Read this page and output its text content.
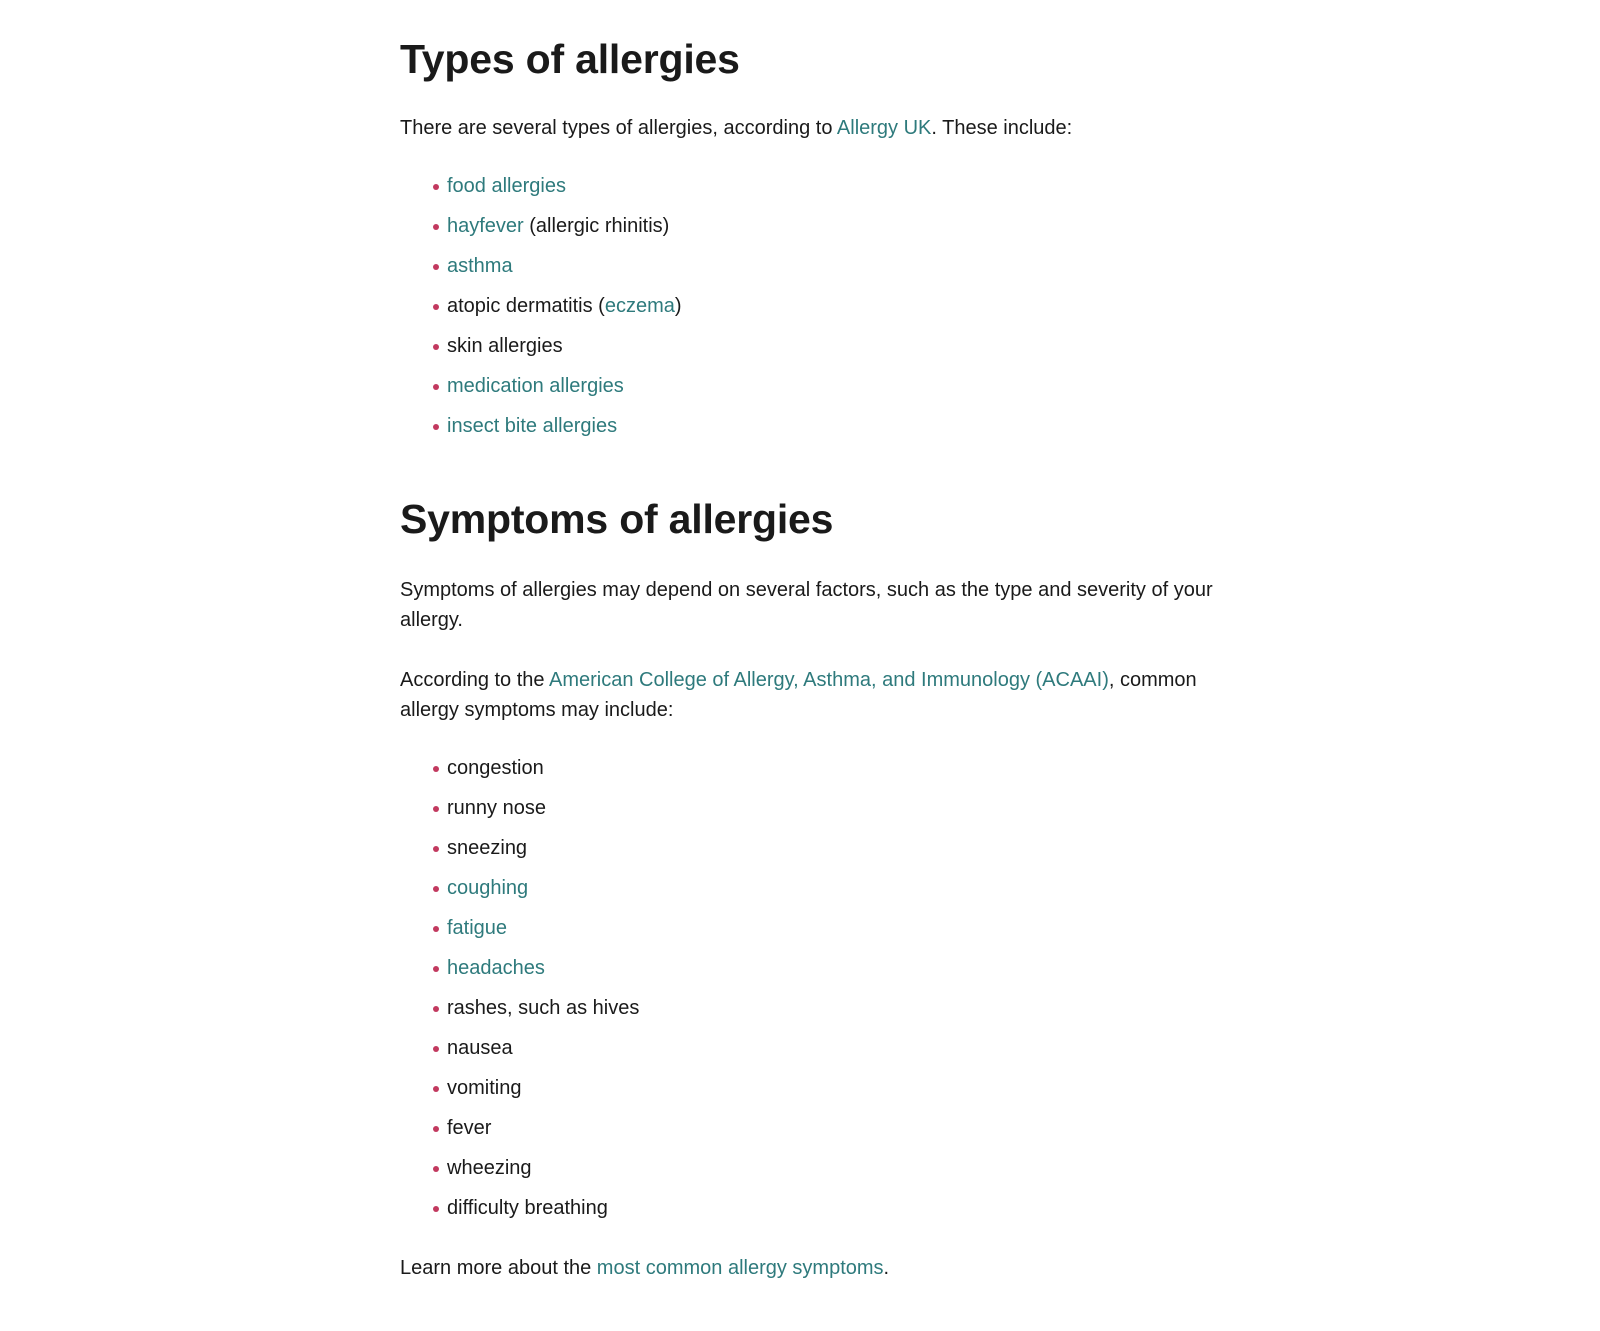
Types of allergies

There are several types of allergies, according to Allergy UK. These include:

food allergies
hayfever (allergic rhinitis)
asthma
atopic dermatitis (eczema)
skin allergies
medication allergies
insect bite allergies
Symptoms of allergies

Symptoms of allergies may depend on several factors, such as the type and severity of your allergy.

According to the American College of Allergy, Asthma, and Immunology (ACAAI), common allergy symptoms may include:

congestion
runny nose
sneezing
coughing
fatigue
headaches
rashes, such as hives
nausea
vomiting
fever
wheezing
difficulty breathing

Learn more about the most common allergy symptoms.
